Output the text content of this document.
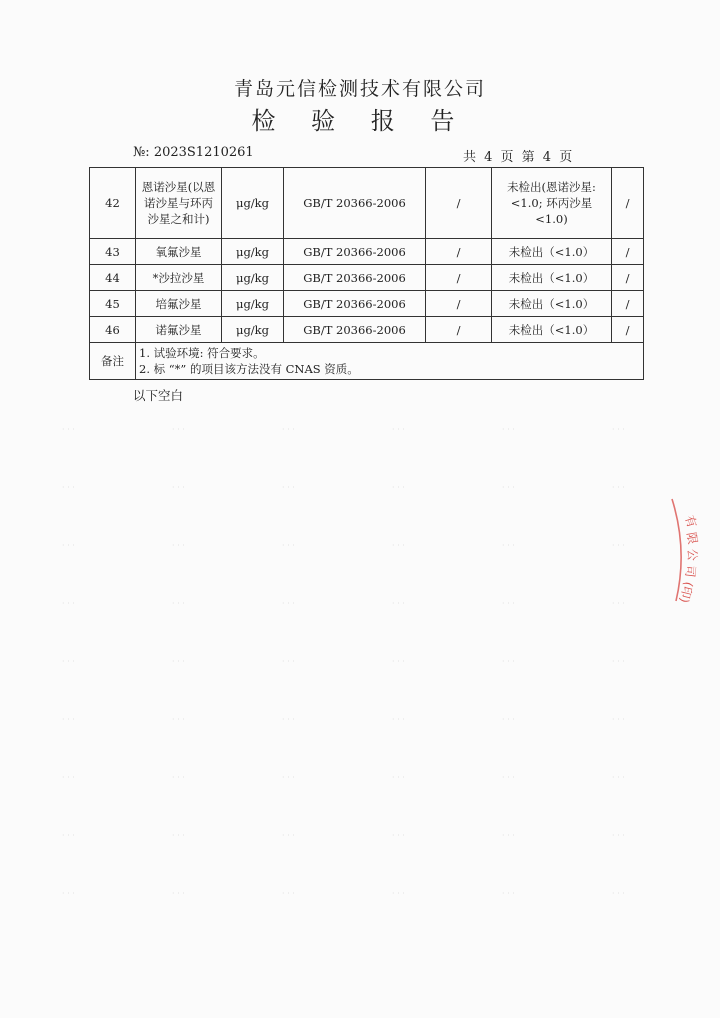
青岛元信检测技术有限公司
检 验 报 告
№: 2023S1210261	共 4 页 第 4 页
42	恩诺沙星(以恩诺沙星与环丙沙星之和计)	μg/kg	GB/T 20366-2006	/	未检出(恩诺沙星: <1.0; 环丙沙星<1.0)	/
43	氧氟沙星	μg/kg	GB/T 20366-2006	/	未检出（<1.0）	/
44	*沙拉沙星	μg/kg	GB/T 20366-2006	/	未检出（<1.0）	/
45	培氟沙星	μg/kg	GB/T 20366-2006	/	未检出（<1.0）	/
46	诺氟沙星	μg/kg	GB/T 20366-2006	/	未检出（<1.0）	/
备注	1. 试验环境: 符合要求。
2. 标 “*” 的项目该方法没有 CNAS 资质。					
以下空白
有
限
公
司
(印)
· · ·	· · ·	· · ·	· · ·	· · ·	· · ·
· · ·	· · ·	· · ·	· · ·	· · ·	· · ·
· · ·	· · ·	· · ·	· · ·	· · ·	· · ·
· · ·	· · ·	· · ·	· · ·	· · ·	· · ·
· · ·	· · ·	· · ·	· · ·	· · ·	· · ·
· · ·	· · ·	· · ·	· · ·	· · ·	· · ·
· · ·	· · ·	· · ·	· · ·	· · ·	· · ·
· · ·	· · ·	· · ·	· · ·	· · ·	· · ·
· · ·	· · ·	· · ·	· · ·	· · ·	· · ·
